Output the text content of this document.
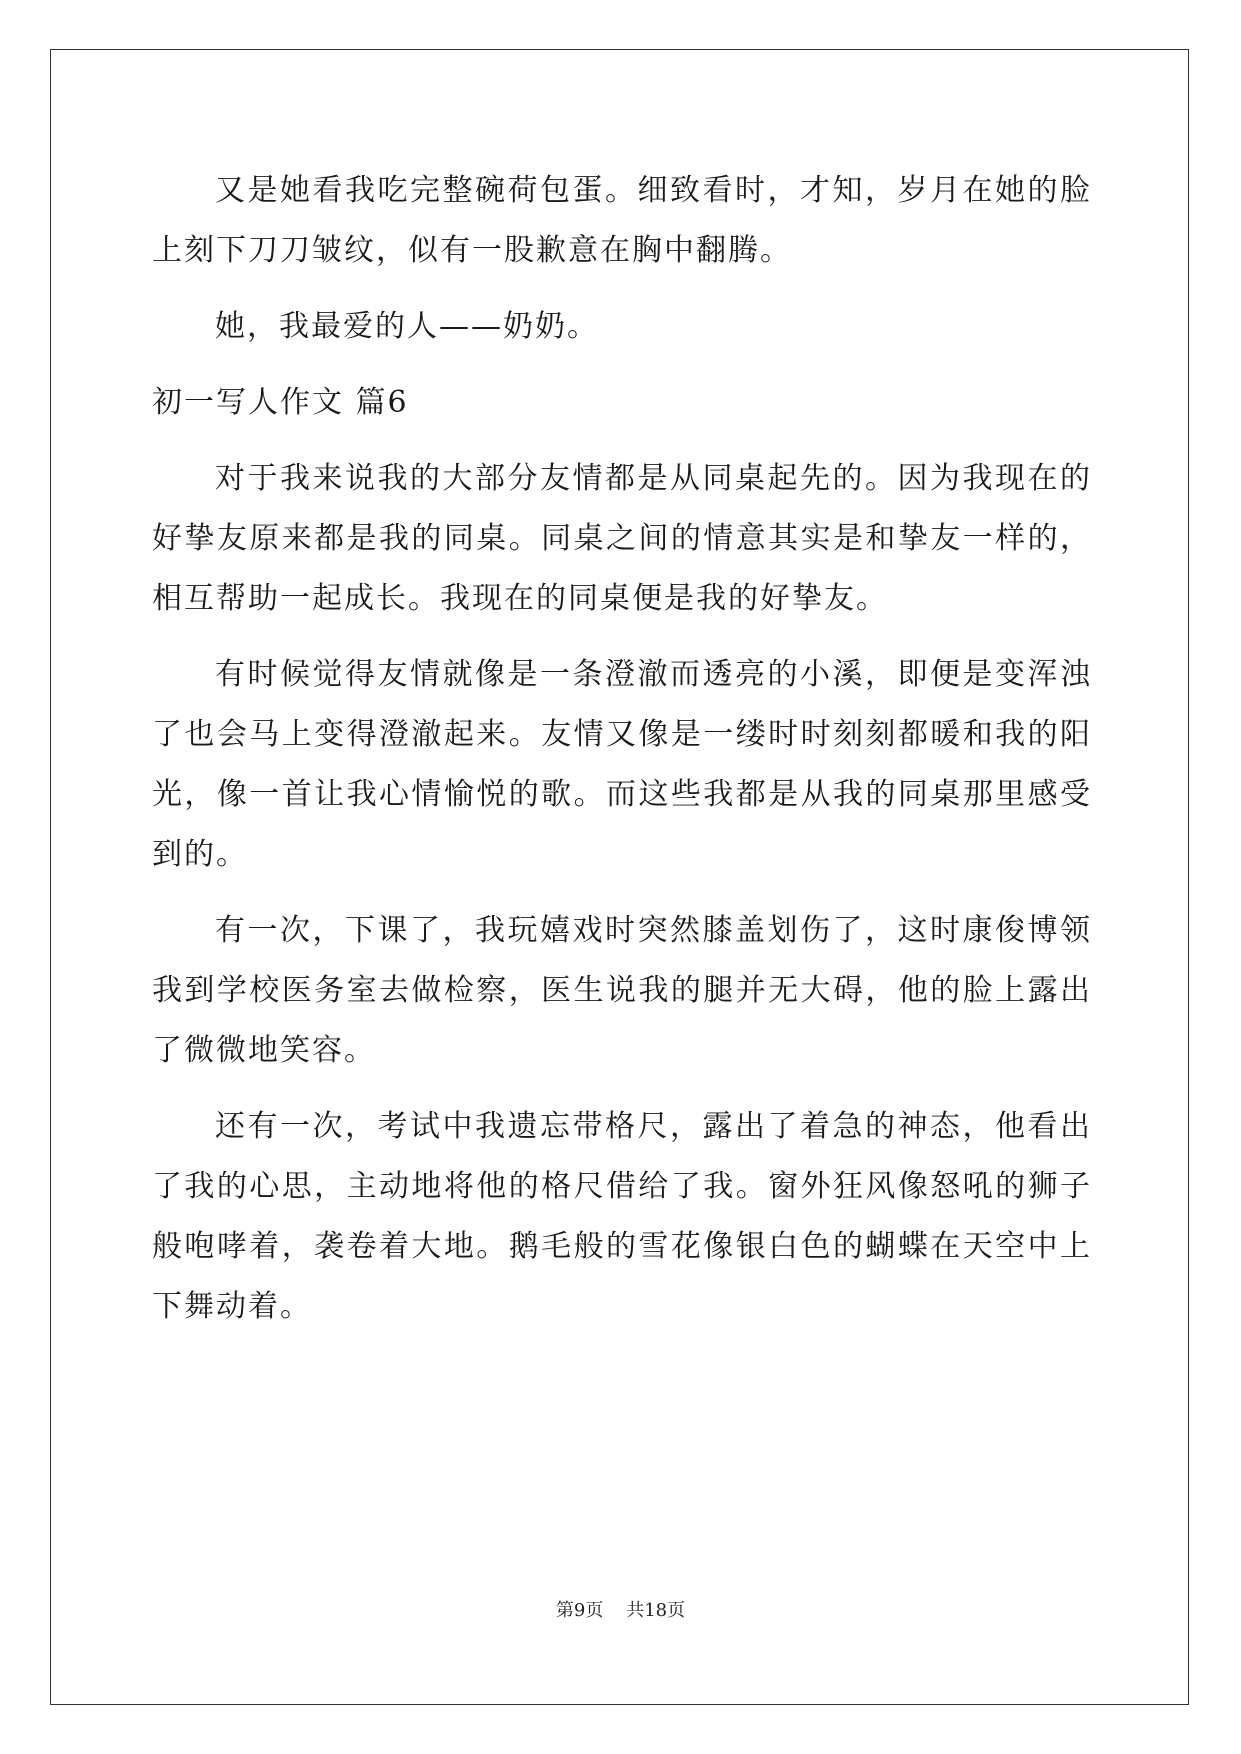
又是她看我吃完整碗荷包蛋。细致看时，才知，岁月在她的脸上刻下刀刀皱纹，似有一股歉意在胸中翻腾。

她，我最爱的人——奶奶。

初一写人作文 篇6

对于我来说我的大部分友情都是从同桌起先的。因为我现在的好挚友原来都是我的同桌。同桌之间的情意其实是和挚友一样的，相互帮助一起成长。我现在的同桌便是我的好挚友。

有时候觉得友情就像是一条澄澈而透亮的小溪，即便是变浑浊了也会马上变得澄澈起来。友情又像是一缕时时刻刻都暖和我的阳光，像一首让我心情愉悦的歌。而这些我都是从我的同桌那里感受到的。

有一次，下课了，我玩嬉戏时突然膝盖划伤了，这时康俊博领我到学校医务室去做检察，医生说我的腿并无大碍，他的脸上露出了微微地笑容。

还有一次，考试中我遗忘带格尺，露出了着急的神态，他看出了我的心思，主动地将他的格尺借给了我。窗外狂风像怒吼的狮子般咆哮着，袭卷着大地。鹅毛般的雪花像银白色的蝴蝶在天空中上下舞动着。

第9页 共18页
